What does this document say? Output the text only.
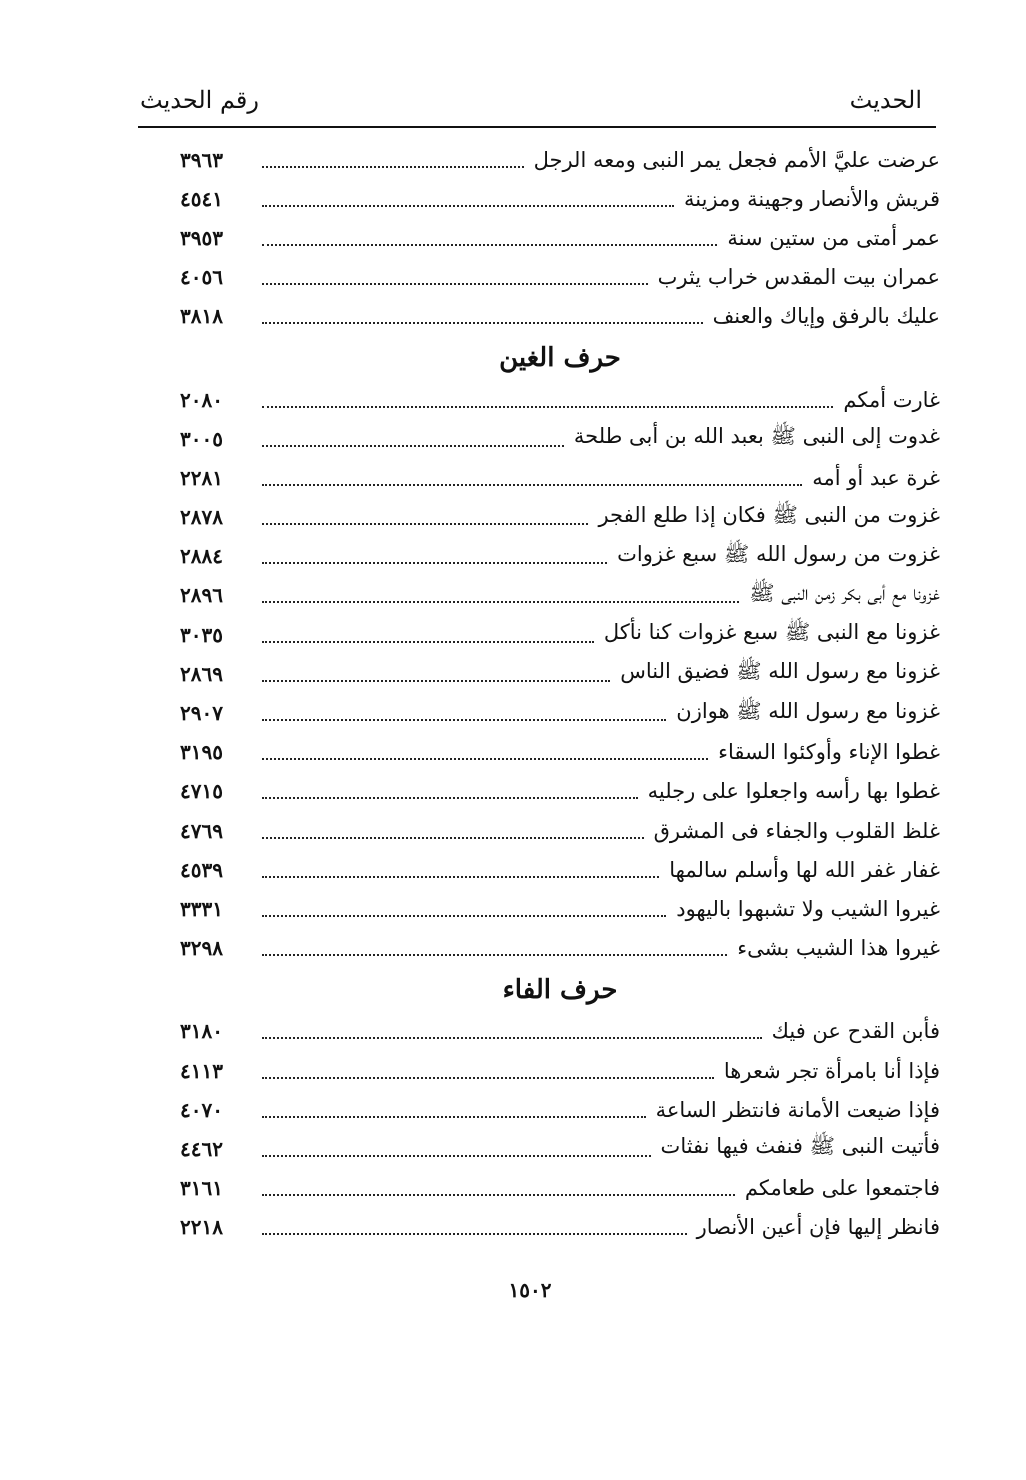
الحديث
رقم الحديث
عرضت عليَّ الأمم فجعل يمر النبى ومعه الرجل
٣٩٦٣
قريش والأنصار وجهينة ومزينة
٤٥٤١
عمر أمتى من ستين سنة
٣٩٥٣
عمران بيت المقدس خراب يثرب
٤٠٥٦
عليك بالرفق وإياك والعنف
٣٨١٨
حرف الغين
غارت أمكم
٢٠٨٠
غدوت إلى النبى ﷺ بعبد الله بن أبى طلحة
٣٠٠٥
غرة عبد أو أمه
٢٢٨١
غزوت من النبى ﷺ فكان إذا طلع الفجر
٢٨٧٨
غزوت من رسول الله ﷺ سبع غزوات
٢٨٨٤
غزونا مع أبى بكر زمن النبى ﷺ
٢٨٩٦
غزونا مع النبى ﷺ سبع غزوات كنا نأكل
٣٠٣٥
غزونا مع رسول الله ﷺ فضيق الناس
٢٨٦٩
غزونا مع رسول الله ﷺ هوازن
٢٩٠٧
غطوا الإناء وأوكئوا السقاء
٣١٩٥
غطوا بها رأسه واجعلوا على رجليه
٤٧١٥
غلظ القلوب والجفاء فى المشرق
٤٧٦٩
غفار غفر الله لها وأسلم سالمها
٤٥٣٩
غيروا الشيب ولا تشبهوا باليهود
٣٣٣١
غيروا هذا الشيب بشىء
٣٢٩٨
حرف الفاء
فأبن القدح عن فيك
٣١٨٠
فإذا أنا بامرأة تجر شعرها
٤١١٣
فإذا ضيعت الأمانة فانتظر الساعة
٤٠٧٠
فأتيت النبى ﷺ فنفث فيها نفثات
٤٤٦٢
فاجتمعوا على طعامكم
٣١٦١
فانظر إليها فإن أعين الأنصار
٢٢١٨
١٥٠٢
